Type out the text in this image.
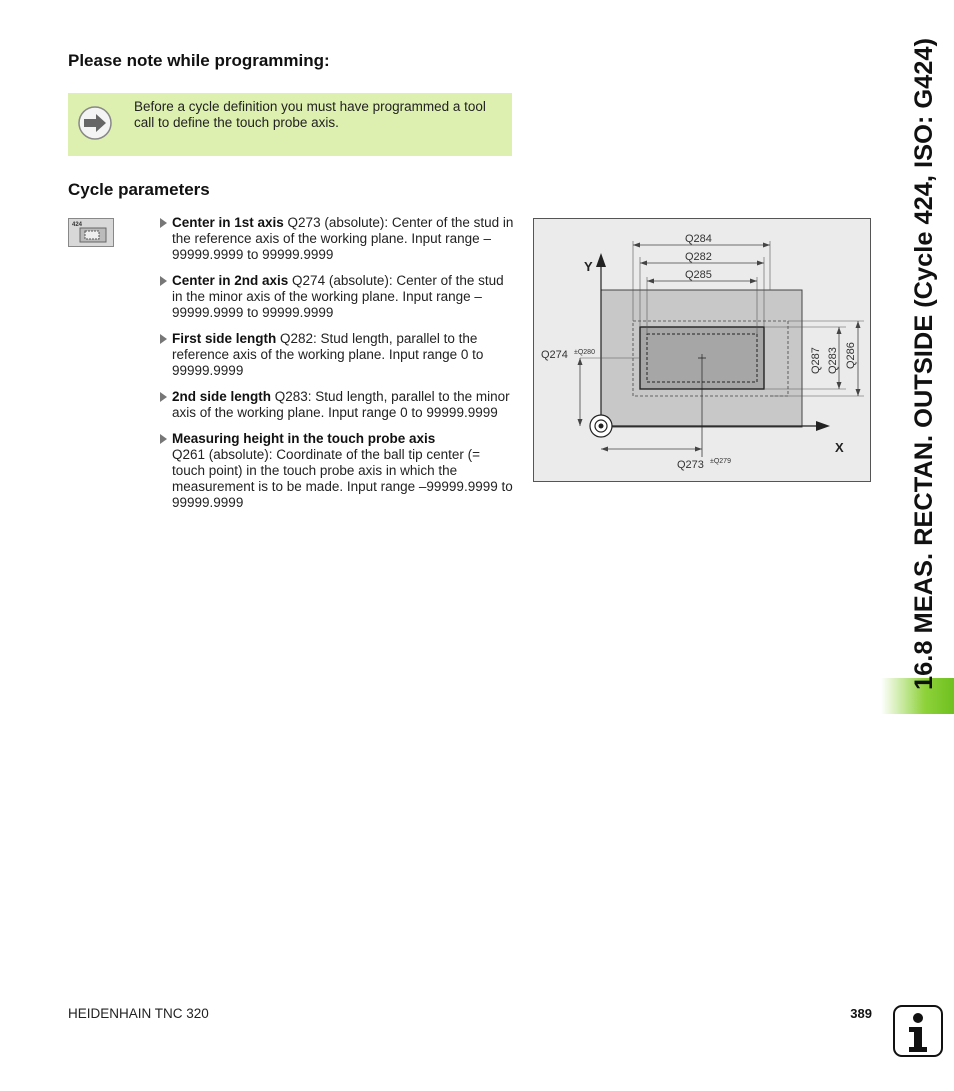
Please note while programming:
Before a cycle definition you must have programmed a tool call to define the touch probe axis.
Cycle parameters
424	Center in 1st axis Q273 (absolute): Center of the stud in the reference axis of the working plane. Input range –99999.9999 to 99999.9999
Center in 2nd axis Q274 (absolute): Center of the stud in the minor axis of the working plane. Input range –99999.9999 to 99999.9999
First side length Q282: Stud length, parallel to the reference axis of the working plane. Input range 0 to 99999.9999
2nd side length Q283: Stud length, parallel to the minor axis of the working plane. Input range 0 to 99999.9999
Measuring height in the touch probe axis
Q261 (absolute): Coordinate of the ball tip center (= touch point) in the touch probe axis in which the measurement is to be made. Input range –99999.9999 to 99999.9999
Y
X
Q284
Q282
Q285
Q287 Q283 Q286
Q274 ±Q280
Q273 ±Q279
HEIDENHAIN TNC 320	389
16.8 MEAS. RECTAN. OUTSIDE (Cycle 424, ISO: G424)
